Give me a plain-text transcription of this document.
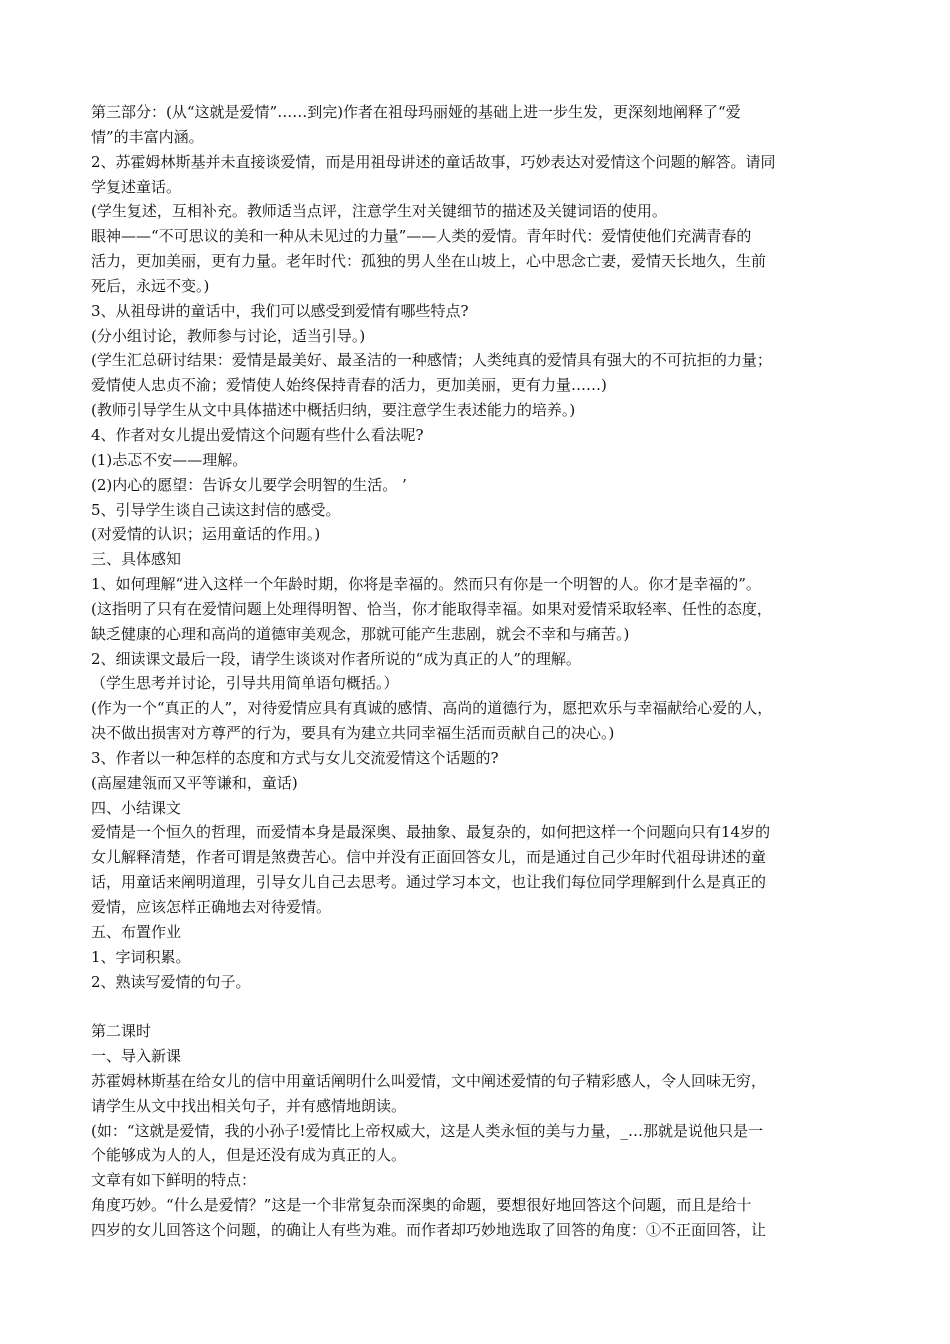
第三部分：(从“这就是爱情”……到完)作者在祖母玛丽娅的基础上进一步生发，更深刻地阐释了“爱
情”的丰富内涵。
2、苏霍姆林斯基并未直接谈爱情，而是用祖母讲述的童话故事，巧妙表达对爱情这个问题的解答。请同
学复述童话。
(学生复述，互相补充。教师适当点评，注意学生对关键细节的描述及关键词语的使用。
眼神——“不可思议的美和一种从未见过的力量”——人类的爱情。青年时代：爱情使他们充满青春的
活力，更加美丽，更有力量。老年时代：孤独的男人坐在山坡上，心中思念亡妻，爱情天长地久，生前
死后，永远不变。)
3、从祖母讲的童话中，我们可以感受到爱情有哪些特点?
(分小组讨论，教师参与讨论，适当引导。)
(学生汇总研讨结果：爱情是最美好、最圣洁的一种感情；人类纯真的爱情具有强大的不可抗拒的力量；
爱情使人忠贞不渝；爱情使人始终保持青春的活力，更加美丽，更有力量……)
(教师引导学生从文中具体描述中概括归纳，要注意学生表述能力的培养。)
4、作者对女儿提出爱情这个问题有些什么看法呢?
(1)忐忑不安——理解。
(2)内心的愿望：告诉女儿要学会明智的生活。 ’
5、引导学生谈自己读这封信的感受。
(对爱情的认识；运用童话的作用。)
三、具体感知
1、如何理解“进入这样一个年龄时期，你将是幸福的。然而只有你是一个明智的人。你才是幸福的”。
(这指明了只有在爱情问题上处理得明智、恰当，你才能取得幸福。如果对爱情采取轻率、任性的态度，
缺乏健康的心理和高尚的道德审美观念，那就可能产生悲剧，就会不幸和与痛苦。)
2、细读课文最后一段，请学生谈谈对作者所说的“成为真正的人”的理解。
（学生思考并讨论，引导共用简单语句概括。）
(作为一个“真正的人”，对待爱情应具有真诚的感情、高尚的道德行为，愿把欢乐与幸福献给心爱的人，
决不做出损害对方尊严的行为，要具有为建立共同幸福生活而贡献自己的决心。)
3、作者以一种怎样的态度和方式与女儿交流爱情这个话题的?
(高屋建瓴而又平等谦和，童话)
四、小结课文
爱情是一个恒久的哲理，而爱情本身是最深奥、最抽象、最复杂的，如何把这样一个问题向只有14岁的
女儿解释清楚，作者可谓是煞费苦心。信中并没有正面回答女儿，而是通过自己少年时代祖母讲述的童
话，用童话来阐明道理，引导女儿自己去思考。通过学习本文，也让我们每位同学理解到什么是真正的
爱情，应该怎样正确地去对待爱情。
五、布置作业
1、字词积累。
2、熟读写爱情的句子。
第二课时
一、导入新课
苏霍姆林斯基在给女儿的信中用童话阐明什么叫爱情，文中阐述爱情的句子精彩感人，令人回味无穷，
请学生从文中找出相关句子，并有感情地朗读。
(如：“这就是爱情，我的小孙子!爱情比上帝权威大，这是人类永恒的美与力量，_…那就是说他只是一
个能够成为人的人，但是还没有成为真正的人。
文章有如下鲜明的特点：
角度巧妙。“什么是爱情？”这是一个非常复杂而深奥的命题，要想很好地回答这个问题，而且是给十
四岁的女儿回答这个问题，的确让人有些为难。而作者却巧妙地选取了回答的角度：①不正面回答，让
